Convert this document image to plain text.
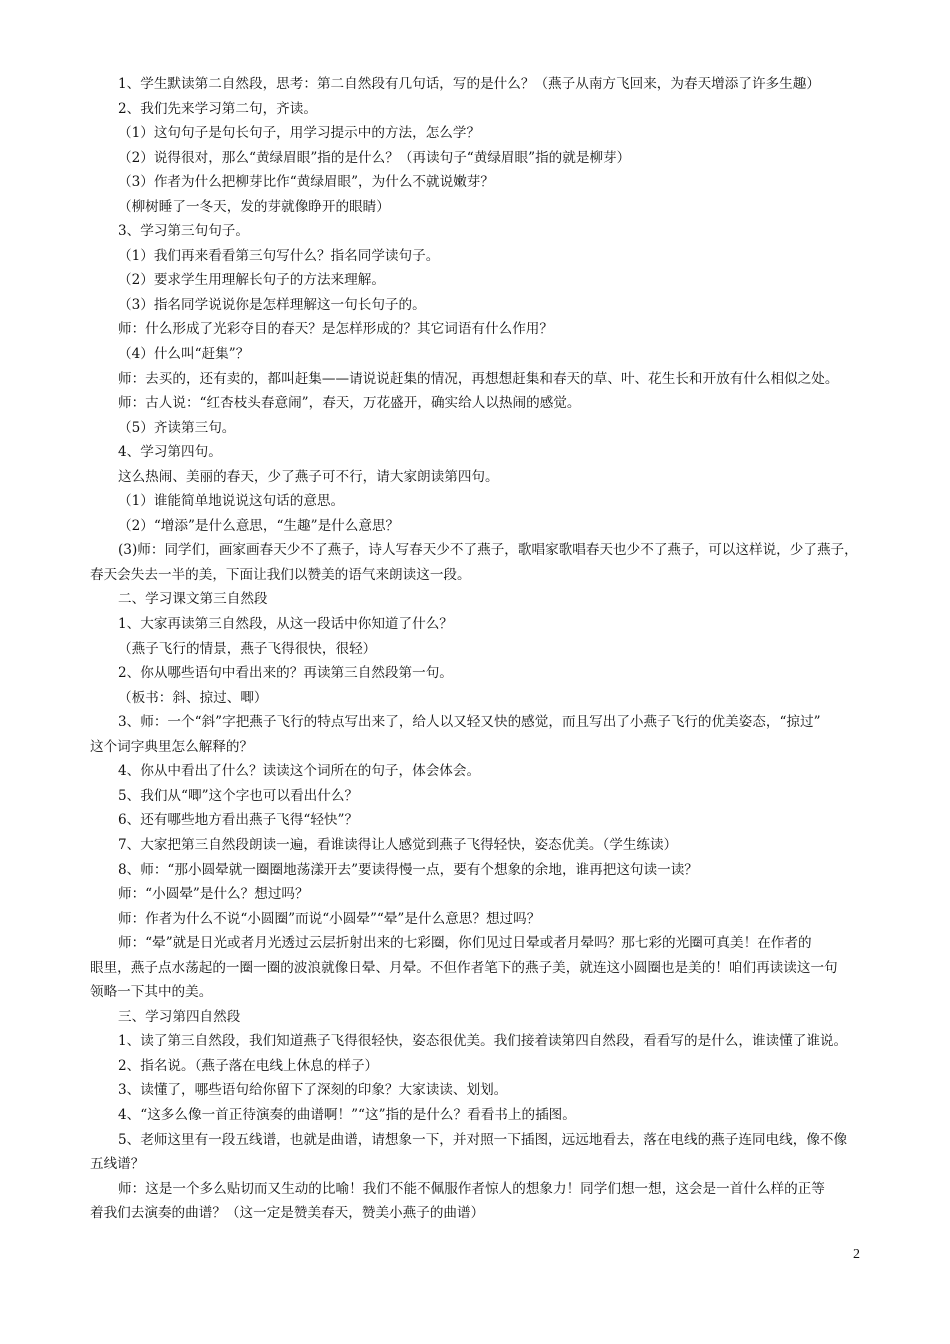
1、学生默读第二自然段，思考：第二自然段有几句话，写的是什么？（燕子从南方飞回来，为春天增添了许多生趣）

2、我们先来学习第二句，齐读。

（1）这句句子是句长句子，用学习提示中的方法，怎么学？

（2）说得很对，那么“黄绿眉眼”指的是什么？（再读句子“黄绿眉眼”指的就是柳芽）

（3）作者为什么把柳芽比作“黄绿眉眼”，为什么不就说嫩芽？

（柳树睡了一冬天，发的芽就像睁开的眼睛）

3、学习第三句句子。

（1）我们再来看看第三句写什么？指名同学读句子。

（2）要求学生用理解长句子的方法来理解。

（3）指名同学说说你是怎样理解这一句长句子的。

师：什么形成了光彩夺目的春天？是怎样形成的？其它词语有什么作用？

（4）什么叫“赶集”？

师：去买的，还有卖的，都叫赶集——请说说赶集的情况，再想想赶集和春天的草、叶、花生长和开放有什么相似之处。

师：古人说：“红杏枝头春意闹”，春天，万花盛开，确实给人以热闹的感觉。

（5）齐读第三句。

4、学习第四句。

这么热闹、美丽的春天，少了燕子可不行，请大家朗读第四句。

（1）谁能简单地说说这句话的意思。

（2）“增添”是什么意思，“生趣”是什么意思？

(3)师：同学们，画家画春天少不了燕子，诗人写春天少不了燕子，歌唱家歌唱春天也少不了燕子，可以这样说，少了燕子，

春天会失去一半的美，下面让我们以赞美的语气来朗读这一段。

二、学习课文第三自然段

1、大家再读第三自然段，从这一段话中你知道了什么？

（燕子飞行的情景，燕子飞得很快，很轻）

2、你从哪些语句中看出来的？再读第三自然段第一句。

（板书：斜、掠过、唧）

3、师：一个“斜”字把燕子飞行的特点写出来了，给人以又轻又快的感觉，而且写出了小燕子飞行的优美姿态，“掠过”

这个词字典里怎么解释的？

4、你从中看出了什么？读读这个词所在的句子，体会体会。

5、我们从“唧”这个字也可以看出什么？

6、还有哪些地方看出燕子飞得“轻快”？

7、大家把第三自然段朗读一遍，看谁读得让人感觉到燕子飞得轻快，姿态优美。（学生练读）

8、师：“那小圆晕就一圈圈地荡漾开去”要读得慢一点，要有个想象的余地，谁再把这句读一读？

师：“小圆晕”是什么？想过吗？

师：作者为什么不说“小圆圈”而说“小圆晕”“晕”是什么意思？想过吗？

师：“晕”就是日光或者月光透过云层折射出来的七彩圈，你们见过日晕或者月晕吗？那七彩的光圈可真美！在作者的

眼里，燕子点水荡起的一圈一圈的波浪就像日晕、月晕。不但作者笔下的燕子美，就连这小圆圈也是美的！咱们再读读这一句

领略一下其中的美。

三、学习第四自然段

1、读了第三自然段，我们知道燕子飞得很轻快，姿态很优美。我们接着读第四自然段，看看写的是什么，谁读懂了谁说。

2、指名说。（燕子落在电线上休息的样子）

3、读懂了，哪些语句给你留下了深刻的印象？大家读读、划划。

4、“这多么像一首正待演奏的曲谱啊！”“这”指的是什么？看看书上的插图。

5、老师这里有一段五线谱，也就是曲谱，请想象一下，并对照一下插图，远远地看去，落在电线的燕子连同电线，像不像

五线谱？

师：这是一个多么贴切而又生动的比喻！我们不能不佩服作者惊人的想象力！同学们想一想，这会是一首什么样的正等

着我们去演奏的曲谱？（这一定是赞美春天，赞美小燕子的曲谱）

2
